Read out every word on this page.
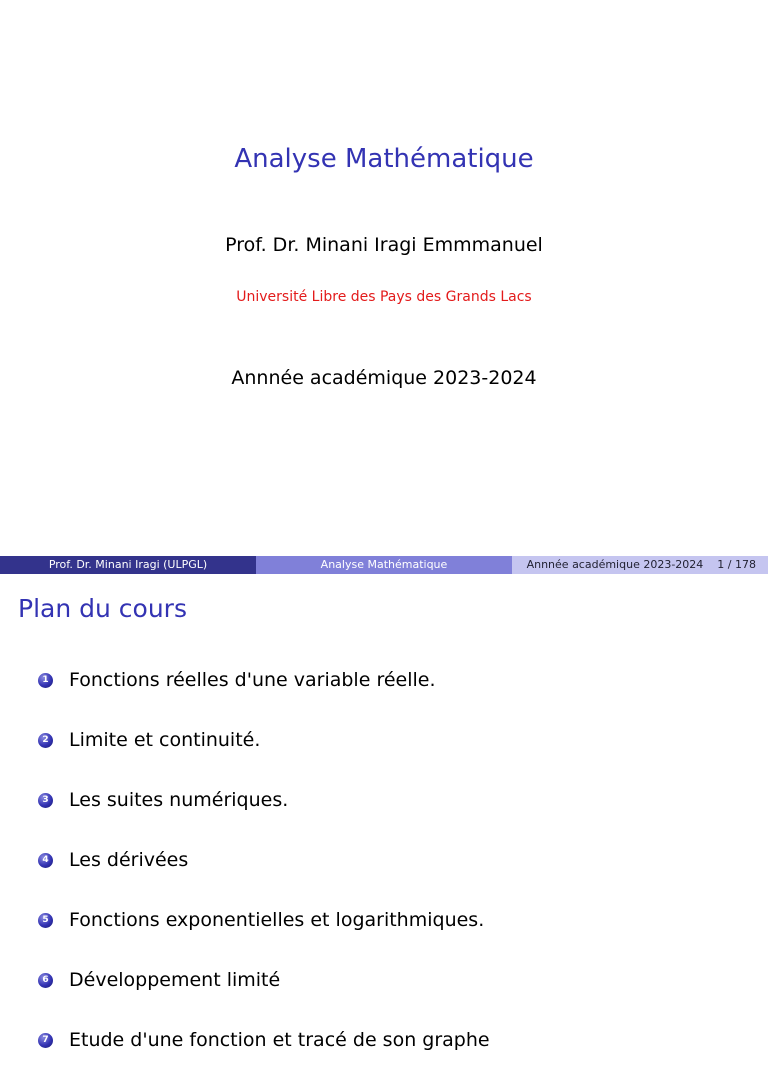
Analyse Mathématique
Prof. Dr. Minani Iragi Emmmanuel
Université Libre des Pays des Grands Lacs
Annnée académique 2023-2024
Prof. Dr. Minani Iragi (ULPGL)	Analyse Mathématique	Annnée académique 2023-2024 1 / 178
Plan du cours
1 Fonctions réelles d'une variable réelle.
2 Limite et continuité.
3 Les suites numériques.
4 Les dérivées
5 Fonctions exponentielles et logarithmiques.
6 Développement limité
7 Etude d'une fonction et tracé de son graphe
